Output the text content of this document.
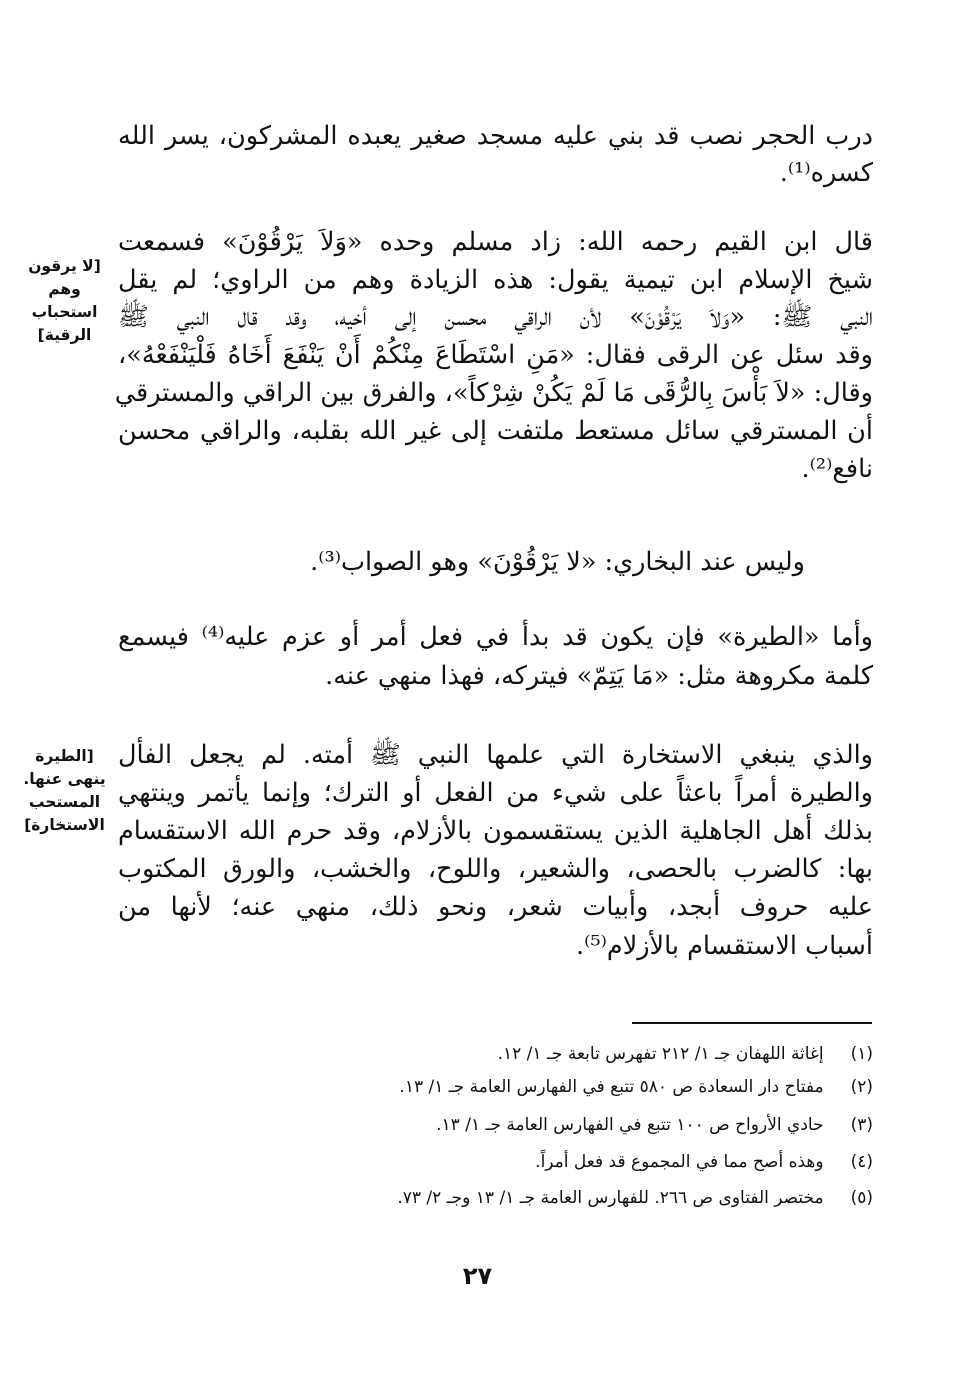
درب الحجر نصب قد بني عليه مسجد صغير يعبده المشركون، يسر الله
كسره⁽¹⁾.
قال ابن القيم رحمه الله: زاد مسلم وحده «وَلاَ يَرْقُوْنَ» فسمعت
شيخ الإسلام ابن تيمية يقول: هذه الزيادة وهم من الراوي؛ لم يقل
النبي ﷺ: «وَلاَ يَرْقُوْنَ» لأن الراقي محسن إلى أخيه، وقد قال النبي ﷺ
وقد سئل عن الرقى فقال: «مَنِ اسْتَطَاعَ مِنْكُمْ أَنْ يَنْفَعَ أَخَاهُ فَلْيَنْفَعْهُ»،
وقال: «لاَ بَأْسَ بِالرُّقَى مَا لَمْ يَكُنْ شِرْكاً»، والفرق بين الراقي والمسترقي
أن المسترقي سائل مستعط ملتفت إلى غير الله بقلبه، والراقي محسن
نافع⁽²⁾.
وليس عند البخاري: «لا يَرْقُوْنَ» وهو الصواب⁽³⁾.
وأما «الطيرة» فإن يكون قد بدأ في فعل أمر أو عزم عليه⁽⁴⁾ فيسمع
كلمة مكروهة مثل: «مَا يَتِمّ» فيتركه، فهذا منهي عنه.
والذي ينبغي الاستخارة التي علمها النبي ﷺ أمته. لم يجعل الفأل
والطيرة أمراً باعثاً على شيء من الفعل أو الترك؛ وإنما يأتمر وينتهي
بذلك أهل الجاهلية الذين يستقسمون بالأزلام، وقد حرم الله الاستقسام
بها: كالضرب بالحصى، والشعير، واللوح، والخشب، والورق المكتوب
عليه حروف أبجد، وأبيات شعر، ونحو ذلك، منهي عنه؛ لأنها من
أسباب الاستقسام بالأزلام⁽⁵⁾.
[لا يرقون
وهم
استحباب
الرقية]
[الطيرة
ينهى عنها.
المستحب
الاستخارة]
(١) إغاثة اللهفان جـ ١/ ٢١٢ تفهرس تابعة جـ ١/ ١٢.
(٢) مفتاح دار السعادة ص ٥٨٠ تتبع في الفهارس العامة جـ ١/ ١٣.
(٣) حادي الأرواح ص ١٠٠ تتبع في الفهارس العامة جـ ١/ ١٣.
(٤) وهذه أصح مما في المجموع قد فعل أمراً.
(٥) مختصر الفتاوى ص ٢٦٦. للفهارس العامة جـ ١/ ١٣ وجـ ٢/ ٧٣.
٢٧
